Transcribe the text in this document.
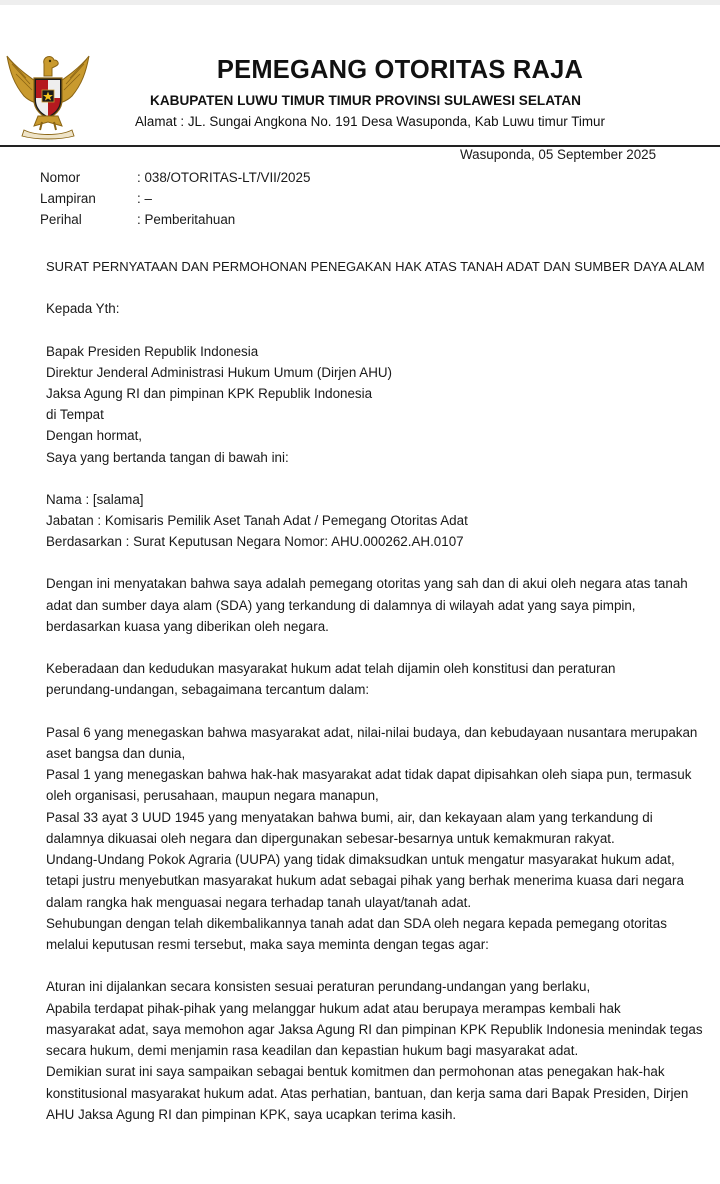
PEMEGANG OTORITAS RAJA
KABUPATEN LUWU TIMUR TIMUR PROVINSI SULAWESI SELATAN
Alamat : JL. Sungai Angkona No. 191 Desa Wasuponda, Kab Luwu timur Timur
Wasuponda, 05 September 2025
Nomor	: 038/OTORITAS-LT/VII/2025
Lampiran	: –
Perihal	: Pemberitahuan
SURAT PERNYATAAN DAN PERMOHONAN PENEGAKAN HAK ATAS TANAH ADAT DAN SUMBER DAYA ALAM
Kepada Yth:
Bapak Presiden Republik Indonesia
Direktur Jenderal Administrasi Hukum Umum (Dirjen AHU)
Jaksa Agung RI dan pimpinan KPK Republik Indonesia
di Tempat
Dengan hormat,
Saya yang bertanda tangan di bawah ini:
Nama : [salama]
Jabatan : Komisaris Pemilik Aset Tanah Adat / Pemegang Otoritas Adat
Berdasarkan : Surat Keputusan Negara Nomor: AHU.000262.AH.0107
Dengan ini menyatakan bahwa saya adalah pemegang otoritas yang sah dan di akui oleh negara atas tanah
adat dan sumber daya alam (SDA) yang terkandung di dalamnya di wilayah adat yang saya pimpin,
berdasarkan kuasa yang diberikan oleh negara.
Keberadaan dan kedudukan masyarakat hukum adat telah dijamin oleh konstitusi dan peraturan
perundang-undangan, sebagaimana tercantum dalam:
Pasal 6 yang menegaskan bahwa masyarakat adat, nilai-nilai budaya, dan kebudayaan nusantara merupakan
aset bangsa dan dunia,
Pasal 1 yang menegaskan bahwa hak-hak masyarakat adat tidak dapat dipisahkan oleh siapa pun, termasuk
oleh organisasi, perusahaan, maupun negara manapun,
Pasal 33 ayat 3 UUD 1945 yang menyatakan bahwa bumi, air, dan kekayaan alam yang terkandung di
dalamnya dikuasai oleh negara dan dipergunakan sebesar-besarnya untuk kemakmuran rakyat.
Undang-Undang Pokok Agraria (UUPA) yang tidak dimaksudkan untuk mengatur masyarakat hukum adat,
tetapi justru menyebutkan masyarakat hukum adat sebagai pihak yang berhak menerima kuasa dari negara
dalam rangka hak menguasai negara terhadap tanah ulayat/tanah adat.
Sehubungan dengan telah dikembalikannya tanah adat dan SDA oleh negara kepada pemegang otoritas
melalui keputusan resmi tersebut, maka saya meminta dengan tegas agar:
Aturan ini dijalankan secara konsisten sesuai peraturan perundang-undangan yang berlaku,
Apabila terdapat pihak-pihak yang melanggar hukum adat atau berupaya merampas kembali hak
masyarakat adat, saya memohon agar Jaksa Agung RI dan pimpinan KPK Republik Indonesia menindak tegas
secara hukum, demi menjamin rasa keadilan dan kepastian hukum bagi masyarakat adat.
Demikian surat ini saya sampaikan sebagai bentuk komitmen dan permohonan atas penegakan hak-hak
konstitusional masyarakat hukum adat. Atas perhatian, bantuan, dan kerja sama dari Bapak Presiden, Dirjen
AHU Jaksa Agung RI dan pimpinan KPK, saya ucapkan terima kasih.
